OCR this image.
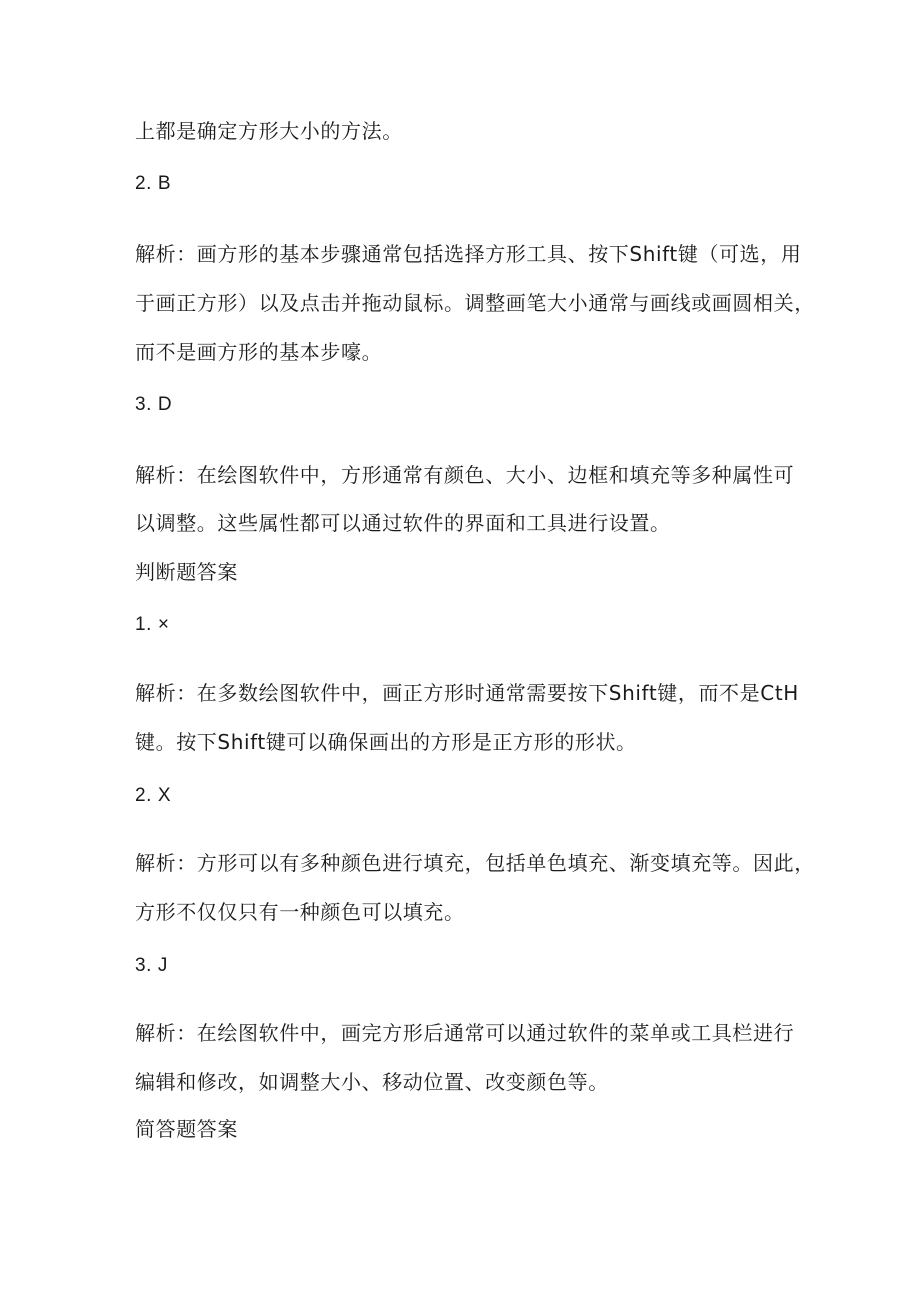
上都是确定方形大小的方法。
2. B
解析：画方形的基本步骤通常包括选择方形工具、按下Shift键（可选，用
于画正方形）以及点击并拖动鼠标。调整画笔大小通常与画线或画圆相关，
而不是画方形的基本步嚎。
3. D
解析：在绘图软件中，方形通常有颜色、大小、边框和填充等多种属性可
以调整。这些属性都可以通过软件的界面和工具进行设置。
判断题答案
1. ×
解析：在多数绘图软件中，画正方形时通常需要按下Shift键，而不是CtH
键。按下Shift键可以确保画出的方形是正方形的形状。
2. X
解析：方形可以有多种颜色进行填充，包括单色填充、渐变填充等。因此，
方形不仅仅只有一种颜色可以填充。
3. J
解析：在绘图软件中，画完方形后通常可以通过软件的菜单或工具栏进行
编辑和修改，如调整大小、移动位置、改变颜色等。
简答题答案
